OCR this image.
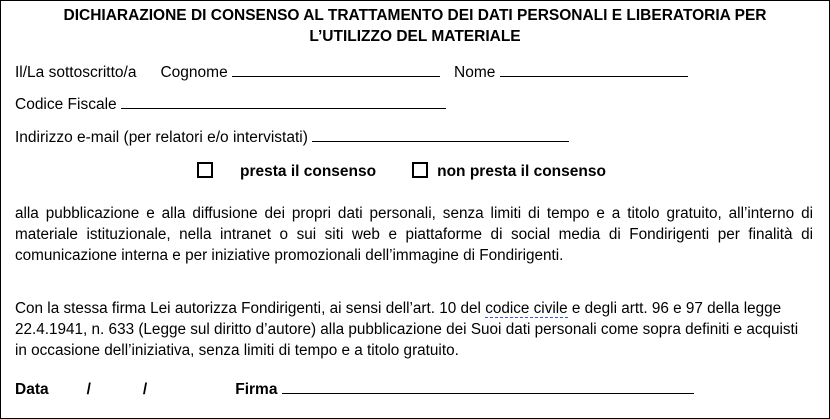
DICHIARAZIONE DI CONSENSO AL TRATTAMENTO DEI DATI PERSONALI E LIBERATORIA PER
L’UTILIZZO DEL MATERIALE
Il/La sottoscritto/a Cognome	Nome
Codice Fiscale
Indirizzo e-mail (per relatori e/o intervistati)
presta il consenso	non presta il consenso
alla pubblicazione e alla diffusione dei propri dati personali, senza limiti di tempo e a titolo gratuito, all’interno di materiale istituzionale, nella intranet o sui siti web e piattaforme di social media di Fondirigenti per finalità di comunicazione interna e per iniziative promozionali dell’immagine di Fondirigenti.
Con la stessa firma Lei autorizza Fondirigenti, ai sensi dell’art. 10 del codice civile e degli artt. 96 e 97 della legge 22.4.1941, n. 633 (Legge sul diritto d’autore) alla pubblicazione dei Suoi dati personali come sopra definiti e acquisti in occasione dell’iniziativa, senza limiti di tempo e a titolo gratuito.
Data /	/	Firma
